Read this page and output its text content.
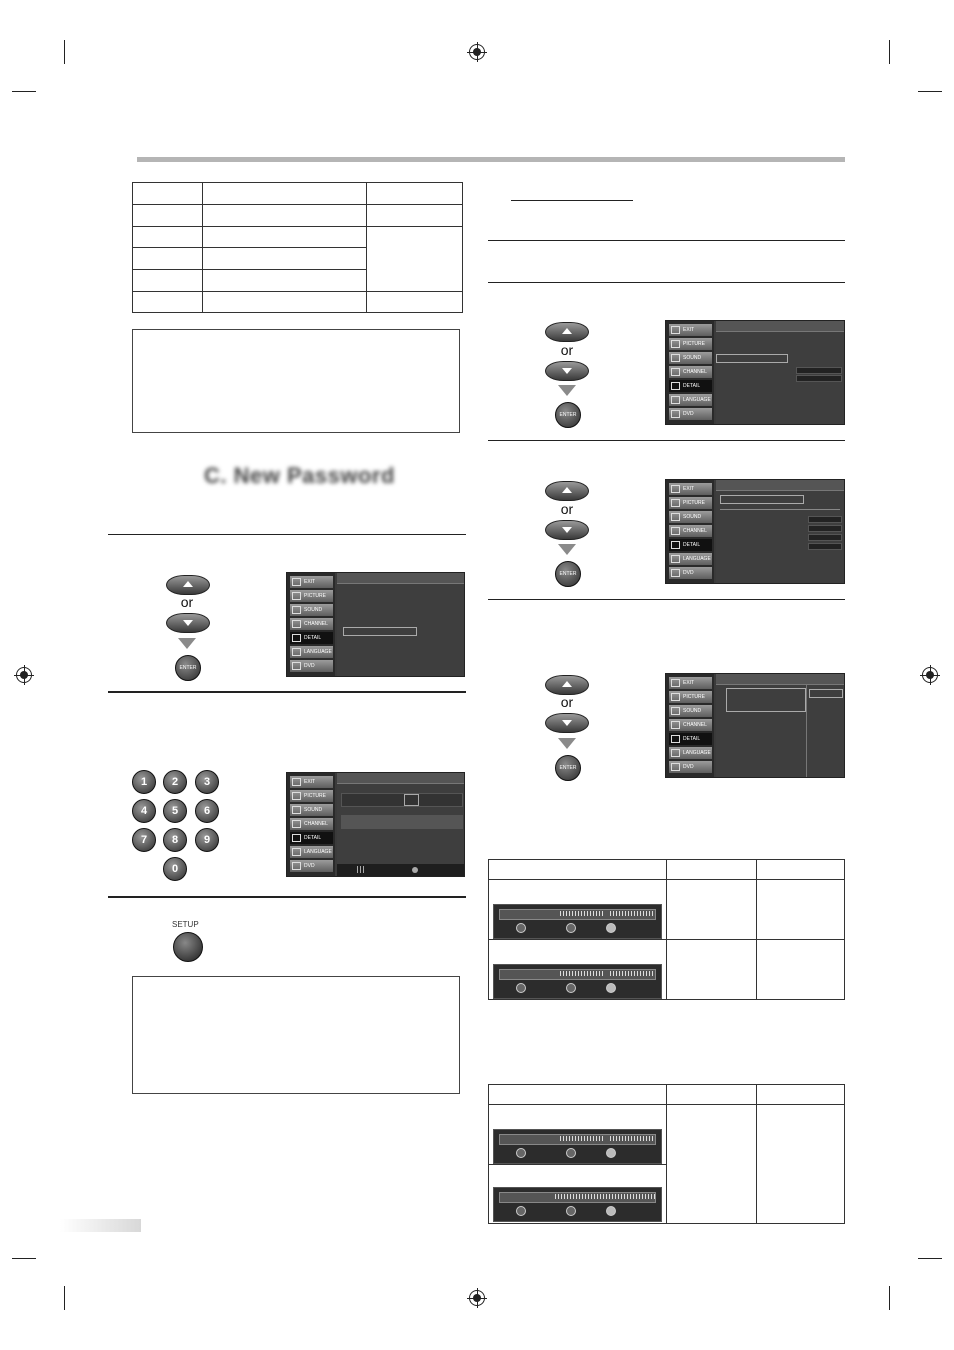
C. New Password
or
ENTER
EXIT
PICTURE
SOUND
CHANNEL
DETAIL
LANGUAGE
DVD
1	2	3
4	5	6
7	8	9
0
EXIT
PICTURE
SOUND
CHANNEL
DETAIL
LANGUAGE
DVD
SETUP
or
ENTER
EXIT
PICTURE
SOUND
CHANNEL
DETAIL
LANGUAGE
DVD
or
ENTER
EXIT
PICTURE
SOUND
CHANNEL
DETAIL
LANGUAGE
DVD
or
ENTER
EXIT
PICTURE
SOUND
CHANNEL
DETAIL
LANGUAGE
DVD
